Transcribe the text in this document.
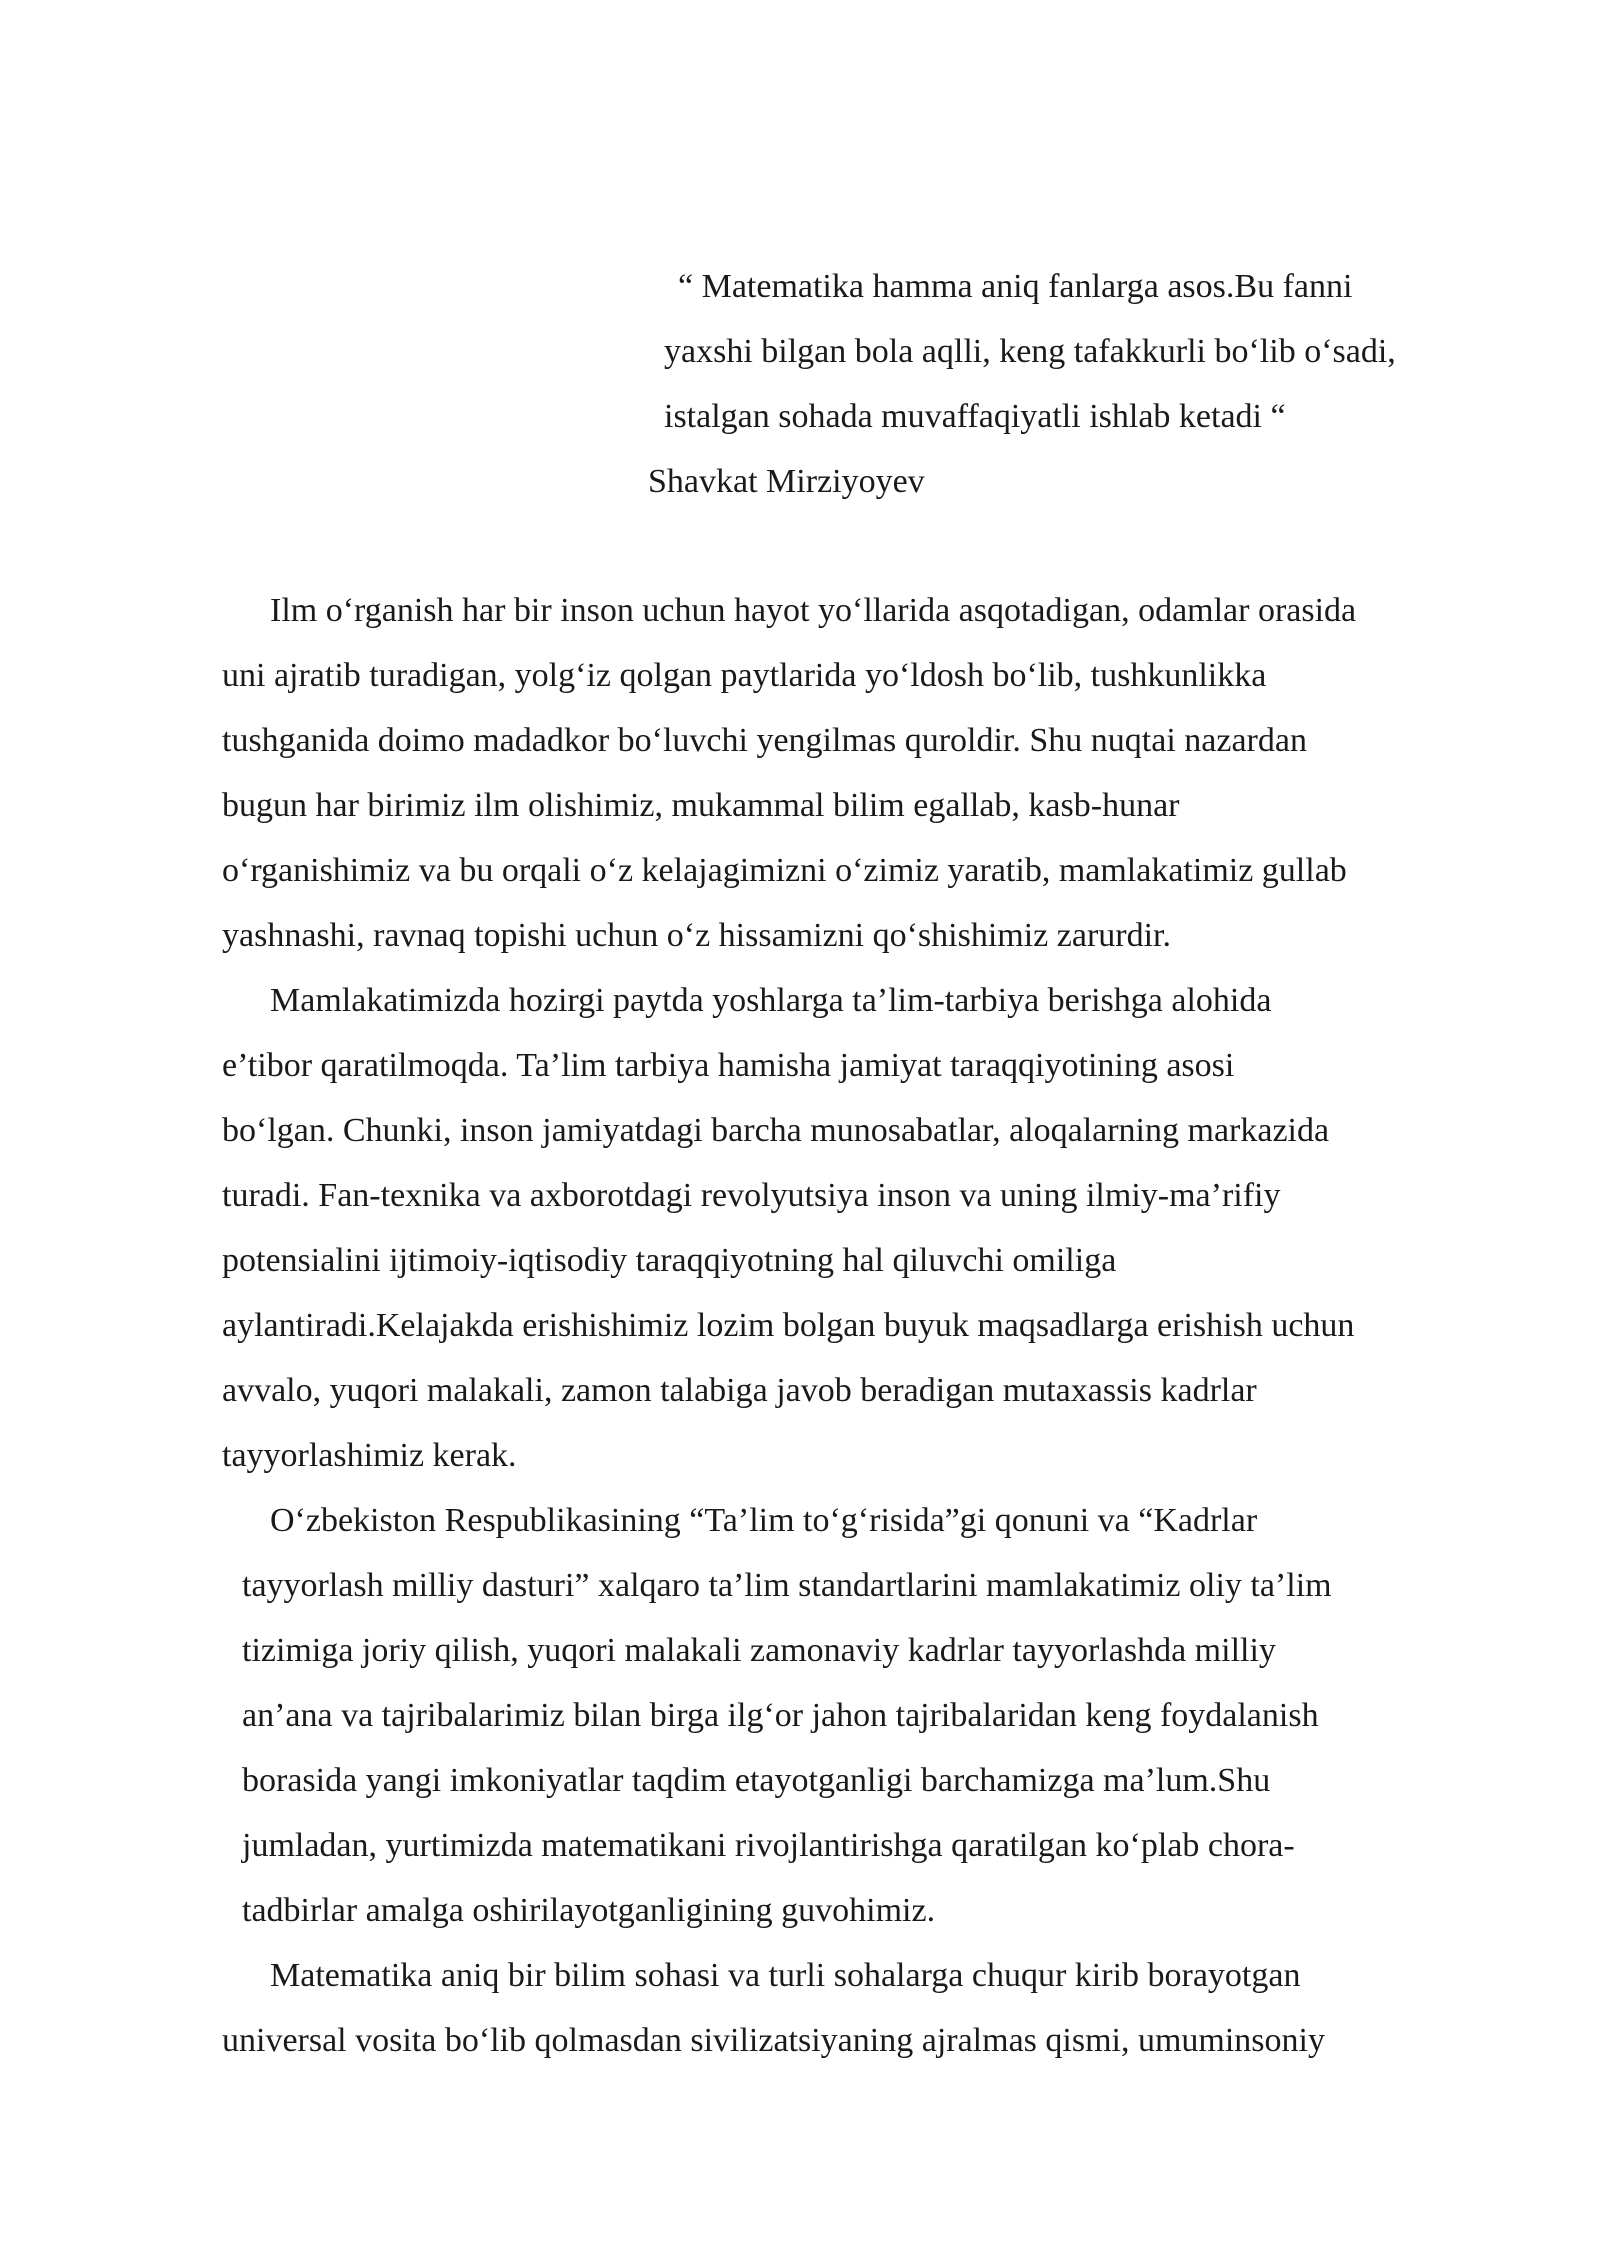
“ Matematika hamma aniq fanlarga asos.Bu fanni
yaxshi bilgan bola aqlli, keng tafakkurli bo‘lib o‘sadi,
istalgan sohada muvaffaqiyatli ishlab ketadi “
Shavkat Mirziyoyev

Ilm o‘rganish har bir inson uchun hayot yo‘llarida asqotadigan, odamlar orasida
uni ajratib turadigan, yolg‘iz qolgan paytlarida yo‘ldosh bo‘lib, tushkunlikka
tushganida doimo madadkor bo‘luvchi yengilmas quroldir. Shu nuqtai nazardan
bugun har birimiz ilm olishimiz, mukammal bilim egallab, kasb-hunar
o‘rganishimiz va bu orqali o‘z kelajagimizni o‘zimiz yaratib, mamlakatimiz gullab
yashnashi, ravnaq topishi uchun o‘z hissamizni qo‘shishimiz zarurdir.

Mamlakatimizda hozirgi paytda yoshlarga ta’lim-tarbiya berishga alohida
e’tibor qaratilmoqda. Ta’lim tarbiya hamisha jamiyat taraqqiyotining asosi
bo‘lgan. Chunki, inson jamiyatdagi barcha munosabatlar, aloqalarning markazida
turadi. Fan-texnika va axborotdagi revolyutsiya inson va uning ilmiy-ma’rifiy
potensialini ijtimoiy-iqtisodiy taraqqiyotning hal qiluvchi omiliga
aylantiradi.Kelajakda erishishimiz lozim bolgan buyuk maqsadlarga erishish uchun
avvalo, yuqori malakali, zamon talabiga javob beradigan mutaxassis kadrlar
tayyorlashimiz kerak.

O‘zbekiston Respublikasining “Ta’lim to‘g‘risida”gi qonuni va “Kadrlar
tayyorlash milliy dasturi” xalqaro ta’lim standartlarini mamlakatimiz oliy ta’lim
tizimiga joriy qilish, yuqori malakali zamonaviy kadrlar tayyorlashda milliy
an’ana va tajribalarimiz bilan birga ilg‘or jahon tajribalaridan keng foydalanish
borasida yangi imkoniyatlar taqdim etayotganligi barchamizga ma’lum.Shu
jumladan, yurtimizda matematikani rivojlantirishga qaratilgan ko‘plab chora-
tadbirlar amalga oshirilayotganligining guvohimiz.

Matematika aniq bir bilim sohasi va turli sohalarga chuqur kirib borayotgan
universal vosita bo‘lib qolmasdan sivilizatsiyaning ajralmas qismi, umuminsoniy
